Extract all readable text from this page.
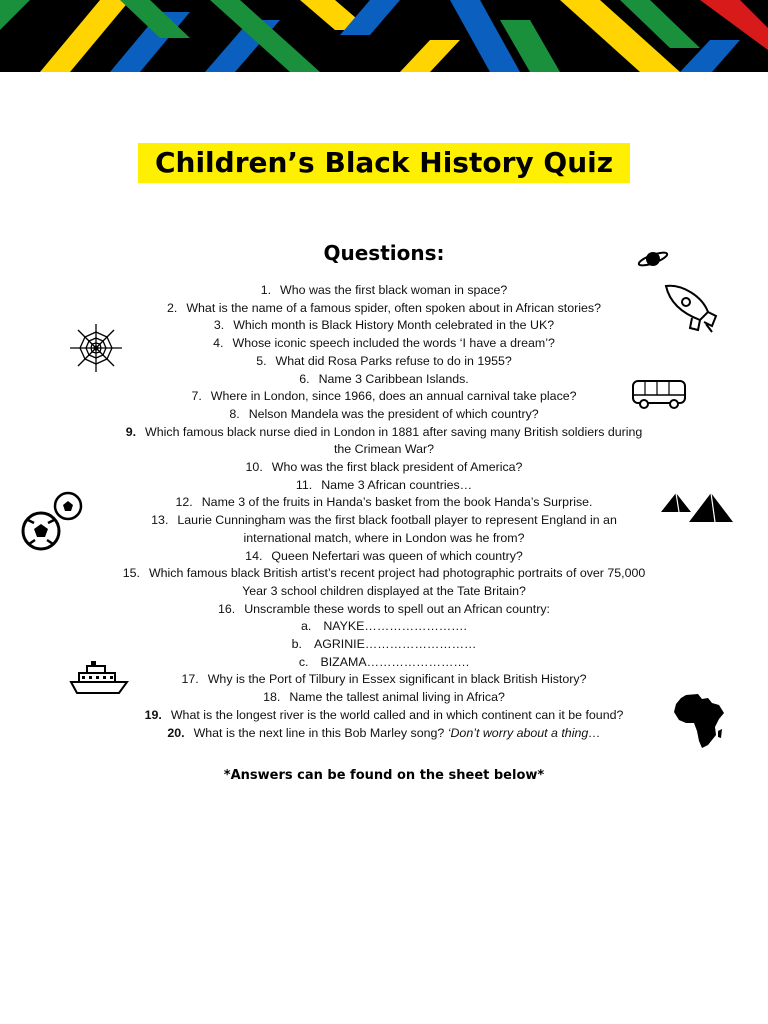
Children’s Black History Quiz
Questions:
1. Who was the first black woman in space?
2. What is the name of a famous spider, often spoken about in African stories?
3. Which month is Black History Month celebrated in the UK?
4. Whose iconic speech included the words ‘I have a dream’?
5. What did Rosa Parks refuse to do in 1955?
6. Name 3 Caribbean Islands.
7. Where in London, since 1966, does an annual carnival take place?
8. Nelson Mandela was the president of which country?
9. Which famous black nurse died in London in 1881 after saving many British soldiers during
the Crimean War?
10. Who was the first black president of America?
11. Name 3 African countries…
12. Name 3 of the fruits in Handa’s basket from the book Handa’s Surprise.
13. Laurie Cunningham was the first black football player to represent England in an
international match, where in London was he from?
14. Queen Nefertari was queen of which country?
15. Which famous black British artist’s recent project had photographic portraits of over 75,000
Year 3 school children displayed at the Tate Britain?
16. Unscramble these words to spell out an African country:
a. NAYKE…………………….
b. AGRINIE………………………
c. BIZAMA…………………….
17. Why is the Port of Tilbury in Essex significant in black British History?
18. Name the tallest animal living in Africa?
19. What is the longest river is the world called and in which continent can it be found?
20. What is the next line in this Bob Marley song? ‘Don’t worry about a thing…
*Answers can be found on the sheet below*
